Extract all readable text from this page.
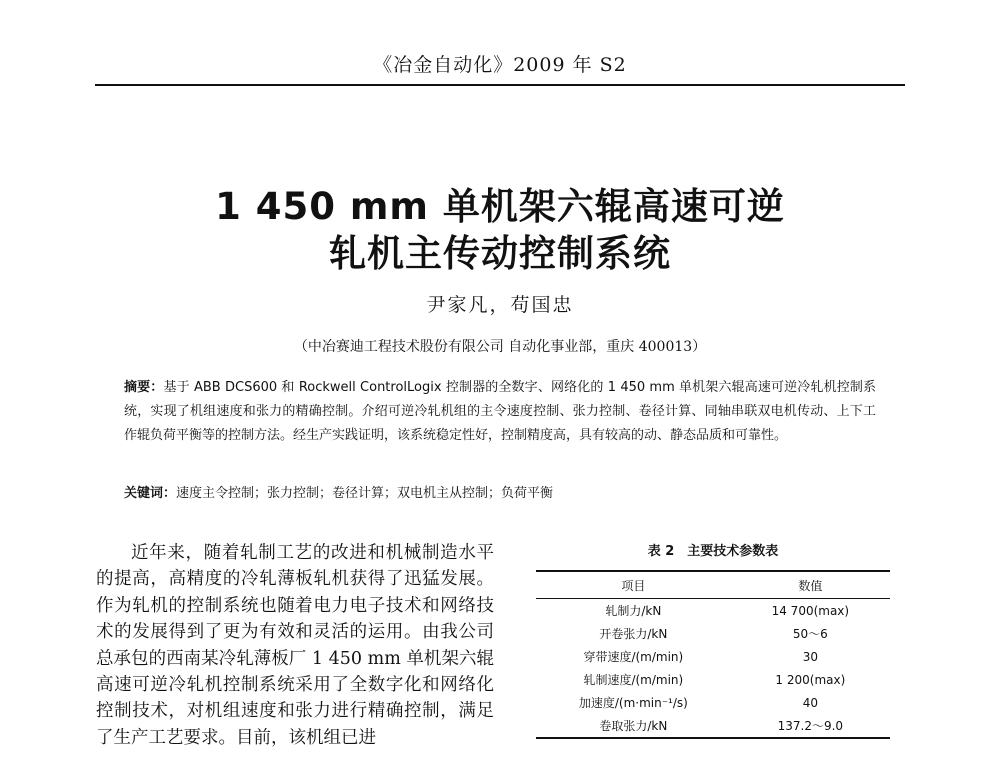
《冶金自动化》2009 年 S2
1 450 mm 单机架六辊高速可逆
轧机主传动控制系统
尹家凡，苟国忠
（中冶赛迪工程技术股份有限公司 自动化事业部，重庆 400013）
摘要：基于 ABB DCS600 和 Rockwell ControlLogix 控制器的全数字、网络化的 1 450 mm 单机架六辊高速可逆冷轧机控制系统，实现了机组速度和张力的精确控制。介绍可逆冷轧机组的主令速度控制、张力控制、卷径计算、同轴串联双电机传动、上下工作辊负荷平衡等的控制方法。经生产实践证明，该系统稳定性好，控制精度高，具有较高的动、静态品质和可靠性。
关键词：速度主令控制；张力控制；卷径计算；双电机主从控制；负荷平衡
近年来，随着轧制工艺的改进和机械制造水平的提高，高精度的冷轧薄板轧机获得了迅猛发展。作为轧机的控制系统也随着电力电子技术和网络技术的发展得到了更为有效和灵活的运用。由我公司总承包的西南某冷轧薄板厂 1 450 mm 单机架六辊高速可逆冷轧机控制系统采用了全数字化和网络化控制技术，对机组速度和张力进行精确控制，满足了生产工艺要求。目前，该机组已进
表 2　主要技术参数表
项目	数值
轧制力/kN	14 700(max)
开卷张力/kN	50～6
穿带速度/(m/min)	30
轧制速度/(m/min)	1 200(max)
加速度/(m·min⁻¹/s)	40
卷取张力/kN	137.2～9.0
